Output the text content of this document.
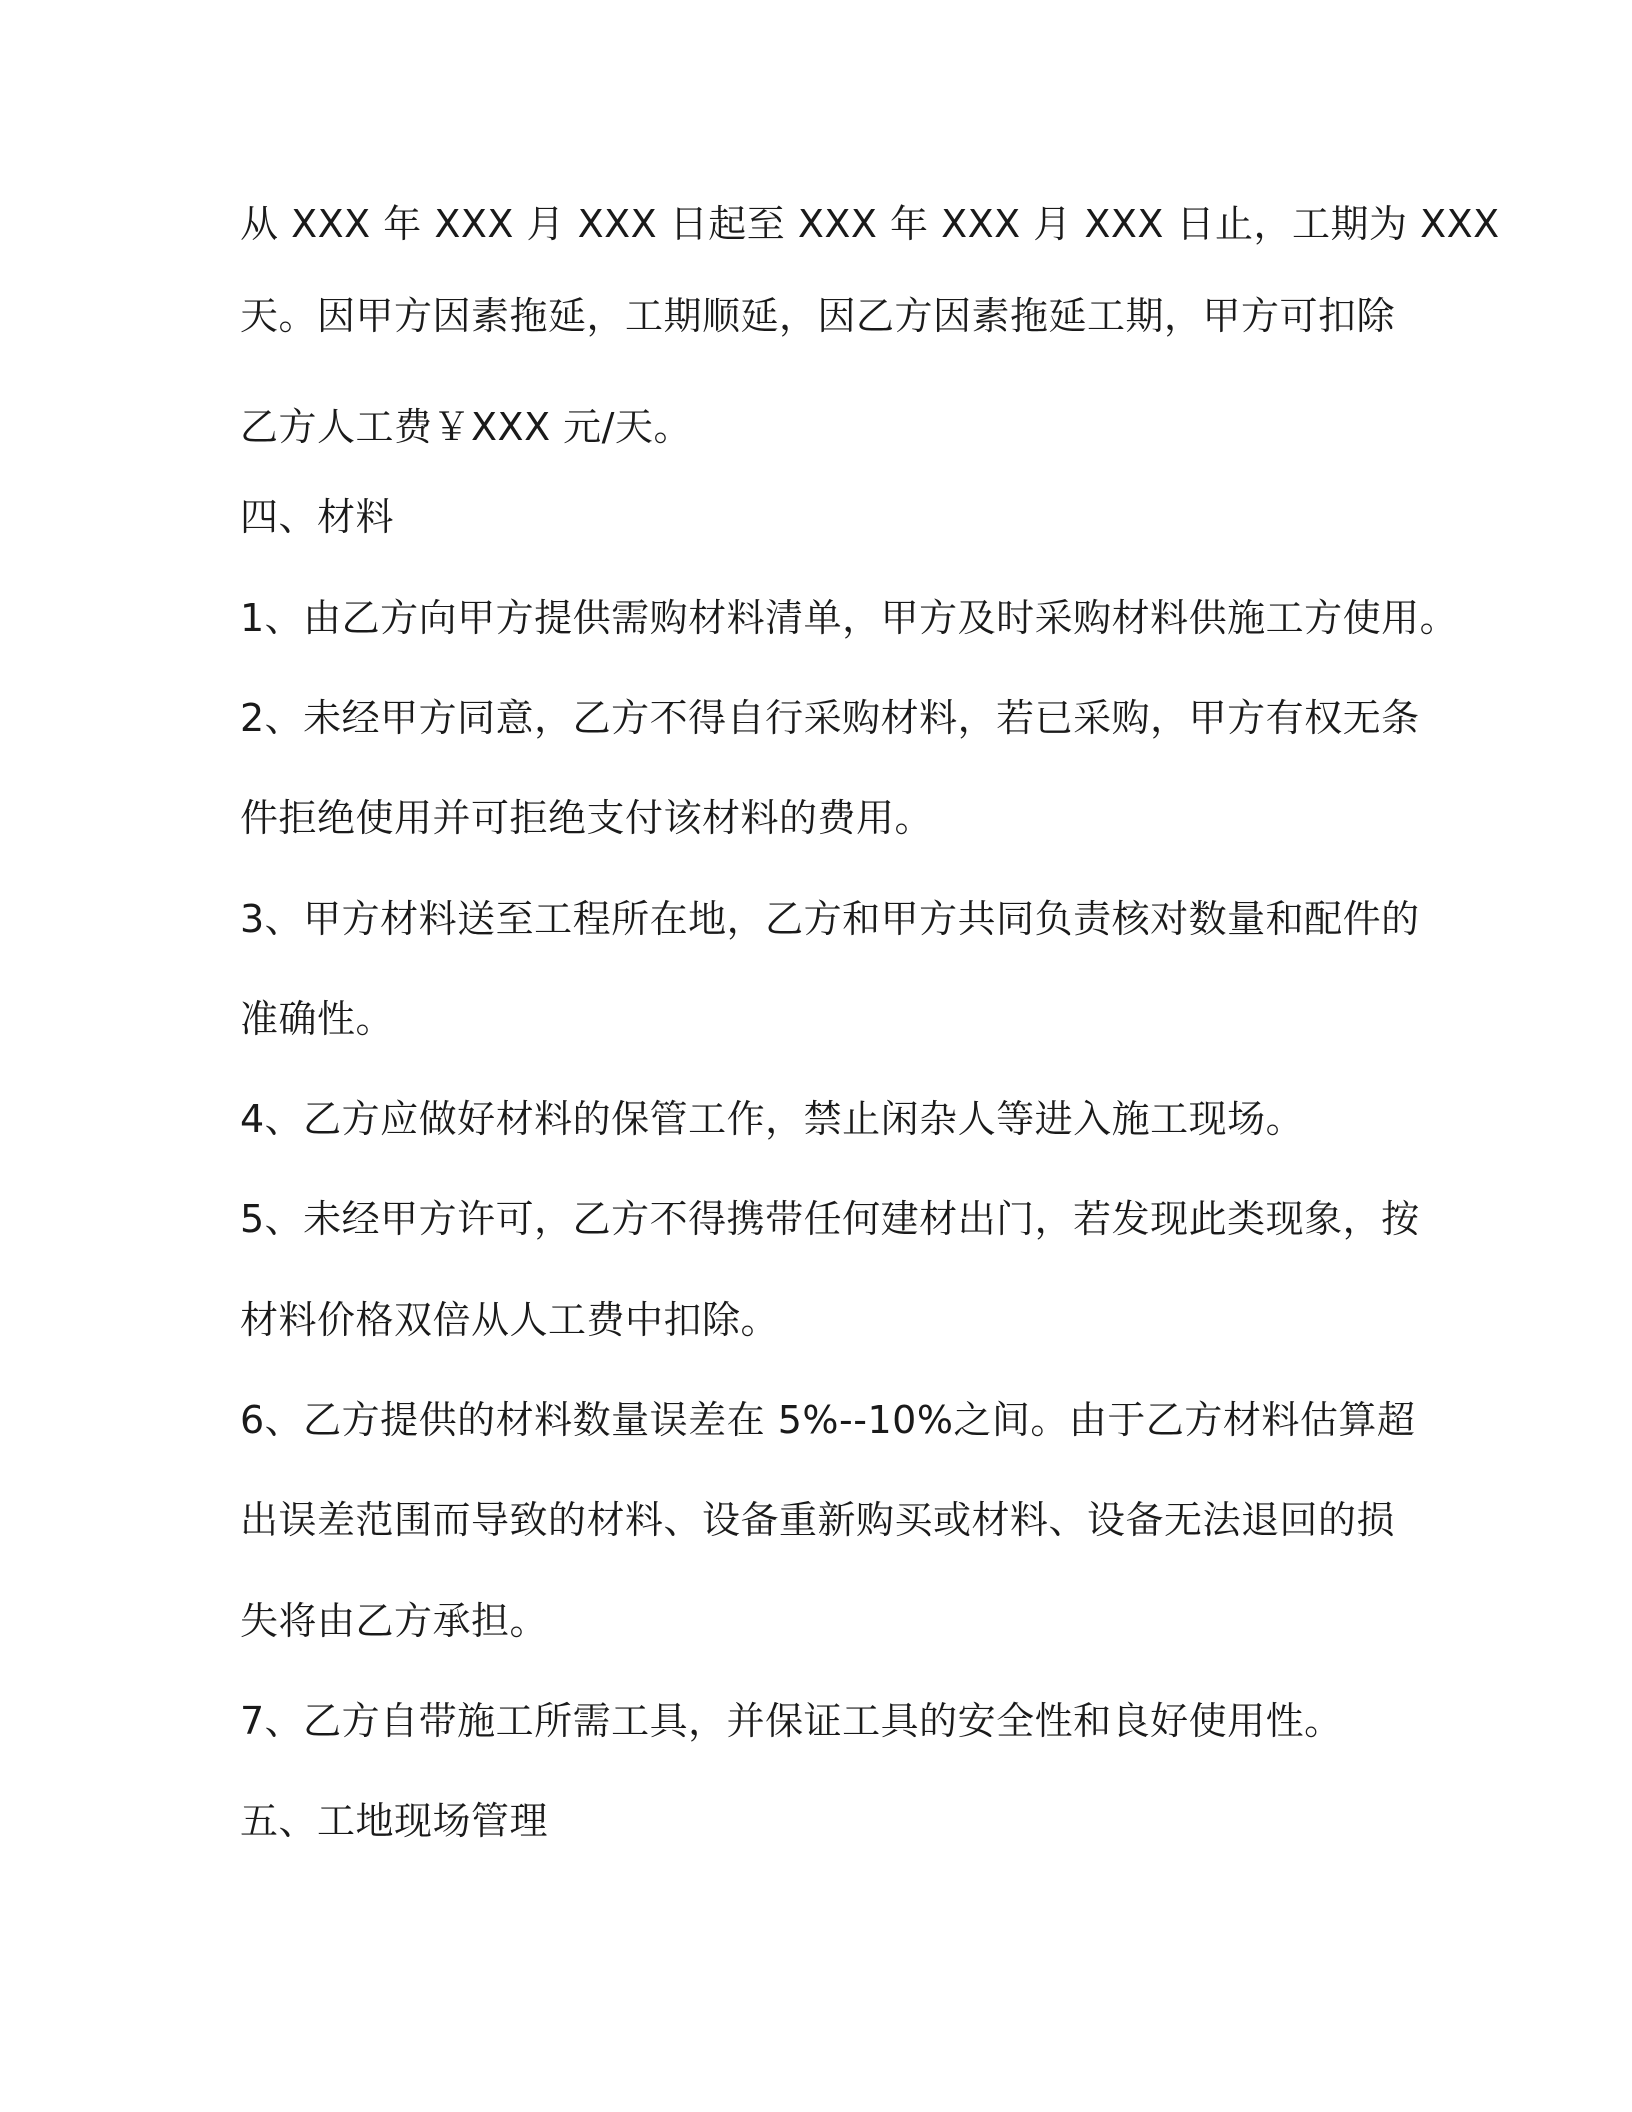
从 XXX 年 XXX 月 XXX 日起至 XXX 年 XXX 月 XXX 日止，工期为 XXX
天。因甲方因素拖延，工期顺延，因乙方因素拖延工期，甲方可扣除
乙方人工费￥XXX 元/天。
四、材料
1、由乙方向甲方提供需购材料清单，甲方及时采购材料供施工方使用。
2、未经甲方同意，乙方不得自行采购材料，若已采购，甲方有权无条
件拒绝使用并可拒绝支付该材料的费用。
3、甲方材料送至工程所在地，乙方和甲方共同负责核对数量和配件的
准确性。
4、乙方应做好材料的保管工作，禁止闲杂人等进入施工现场。
5、未经甲方许可，乙方不得携带任何建材出门，若发现此类现象，按
材料价格双倍从人工费中扣除。
6、乙方提供的材料数量误差在 5%--10%之间。由于乙方材料估算超
出误差范围而导致的材料、设备重新购买或材料、设备无法退回的损
失将由乙方承担。
7、乙方自带施工所需工具，并保证工具的安全性和良好使用性。
五、工地现场管理
